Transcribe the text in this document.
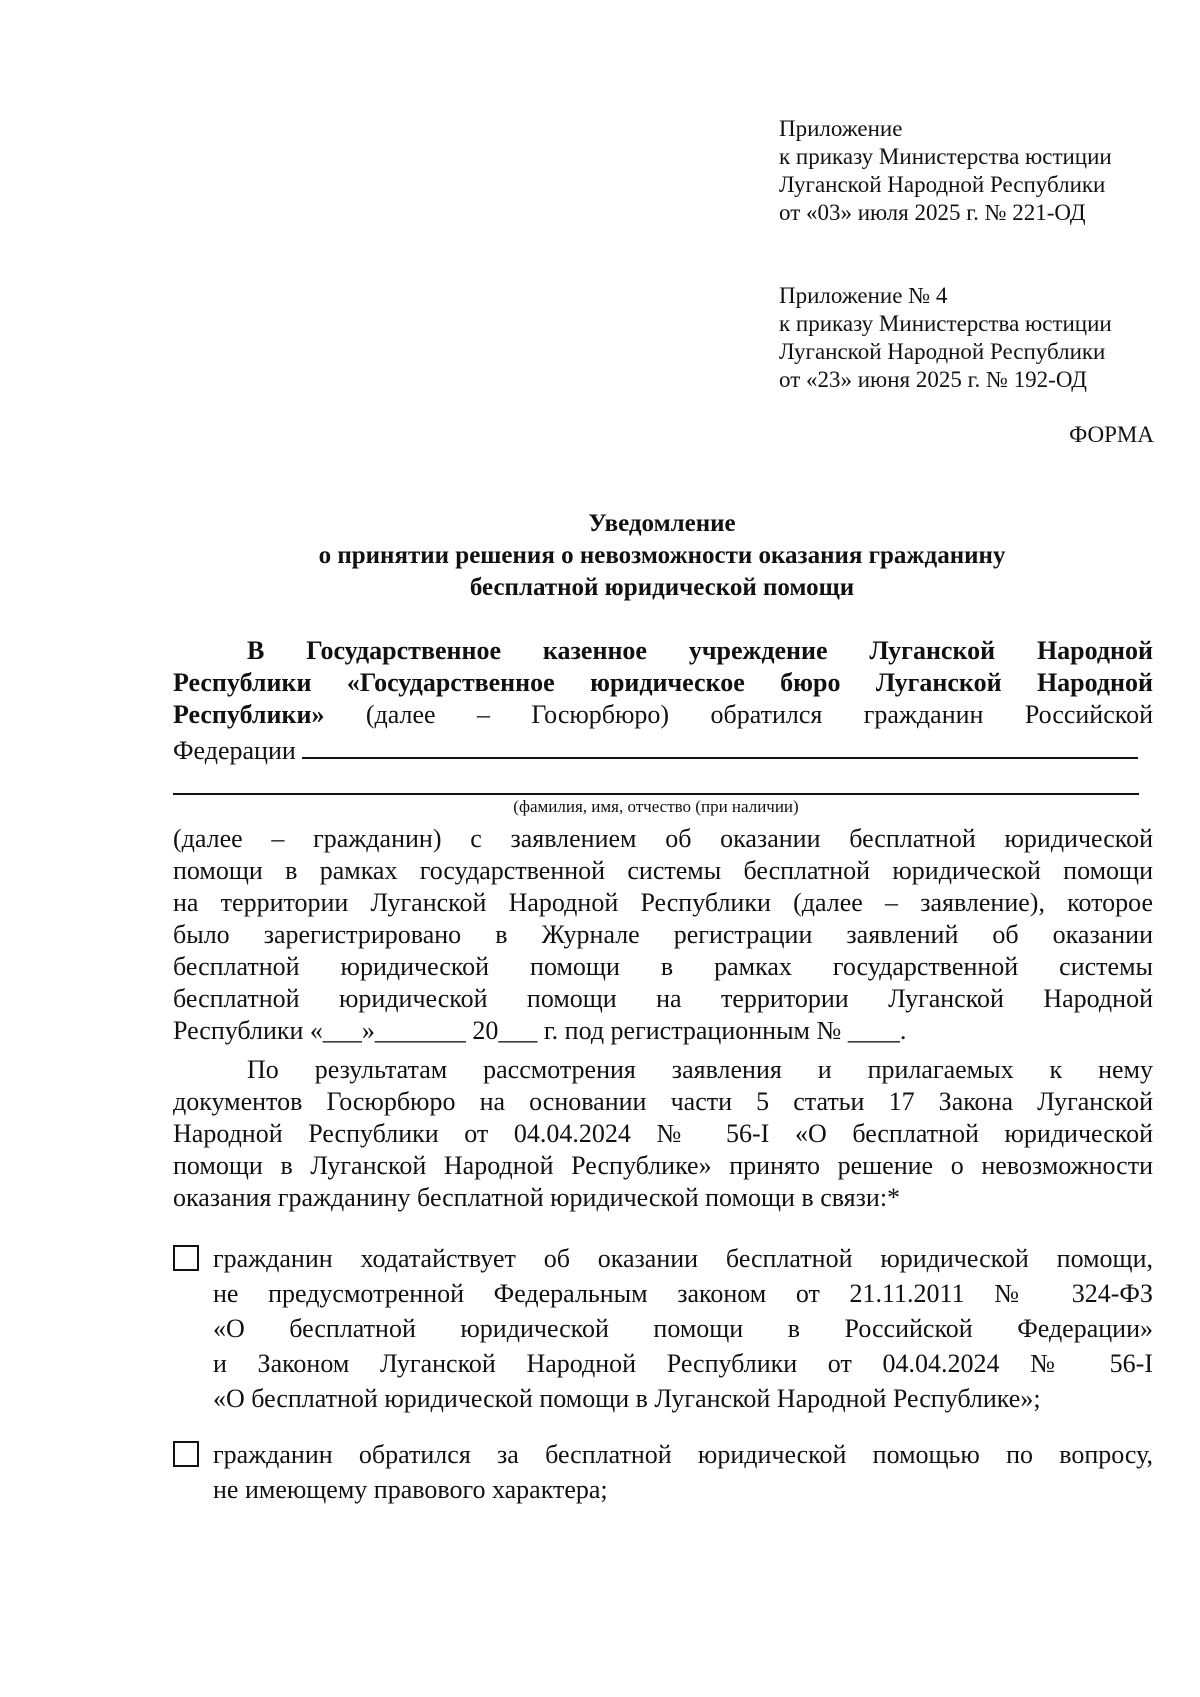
Приложение
к приказу Министерства юстиции
Луганской Народной Республики
от «03» июля 2025 г. № 221-ОД
Приложение № 4
к приказу Министерства юстиции
Луганской Народной Республики
от «23» июня 2025 г. № 192-ОД
ФОРМА
Уведомление
о принятии решения о невозможности оказания гражданину
бесплатной юридической помощи
В Государственное казенное учреждение Луганской Народной
Республики «Государственное юридическое бюро Луганской Народной
Республики» (далее – Госюрбюро) обратился гражданин Российской
Федерации
(фамилия, имя, отчество (при наличии)
(далее – гражданин) с заявлением об оказании бесплатной юридической
помощи в рамках государственной системы бесплатной юридической помощи
на территории Луганской Народной Республики (далее – заявление), которое
было зарегистрировано в Журнале регистрации заявлений об оказании
бесплатной юридической помощи в рамках государственной системы
бесплатной юридической помощи на территории Луганской Народной
Республики «___»_______ 20___ г. под регистрационным № ____.
По результатам рассмотрения заявления и прилагаемых к нему
документов Госюрбюро на основании части 5 статьи 17 Закона Луганской
Народной Республики от 04.04.2024 № 56-I «О бесплатной юридической
помощи в Луганской Народной Республике» принято решение о невозможности
оказания гражданину бесплатной юридической помощи в связи:*
гражданин ходатайствует об оказании бесплатной юридической помощи,
не предусмотренной Федеральным законом от 21.11.2011 № 324-ФЗ
«О бесплатной юридической помощи в Российской Федерации»
и Законом Луганской Народной Республики от 04.04.2024 № 56-I
«О бесплатной юридической помощи в Луганской Народной Республике»;
гражданин обратился за бесплатной юридической помощью по вопросу,
не имеющему правового характера;
